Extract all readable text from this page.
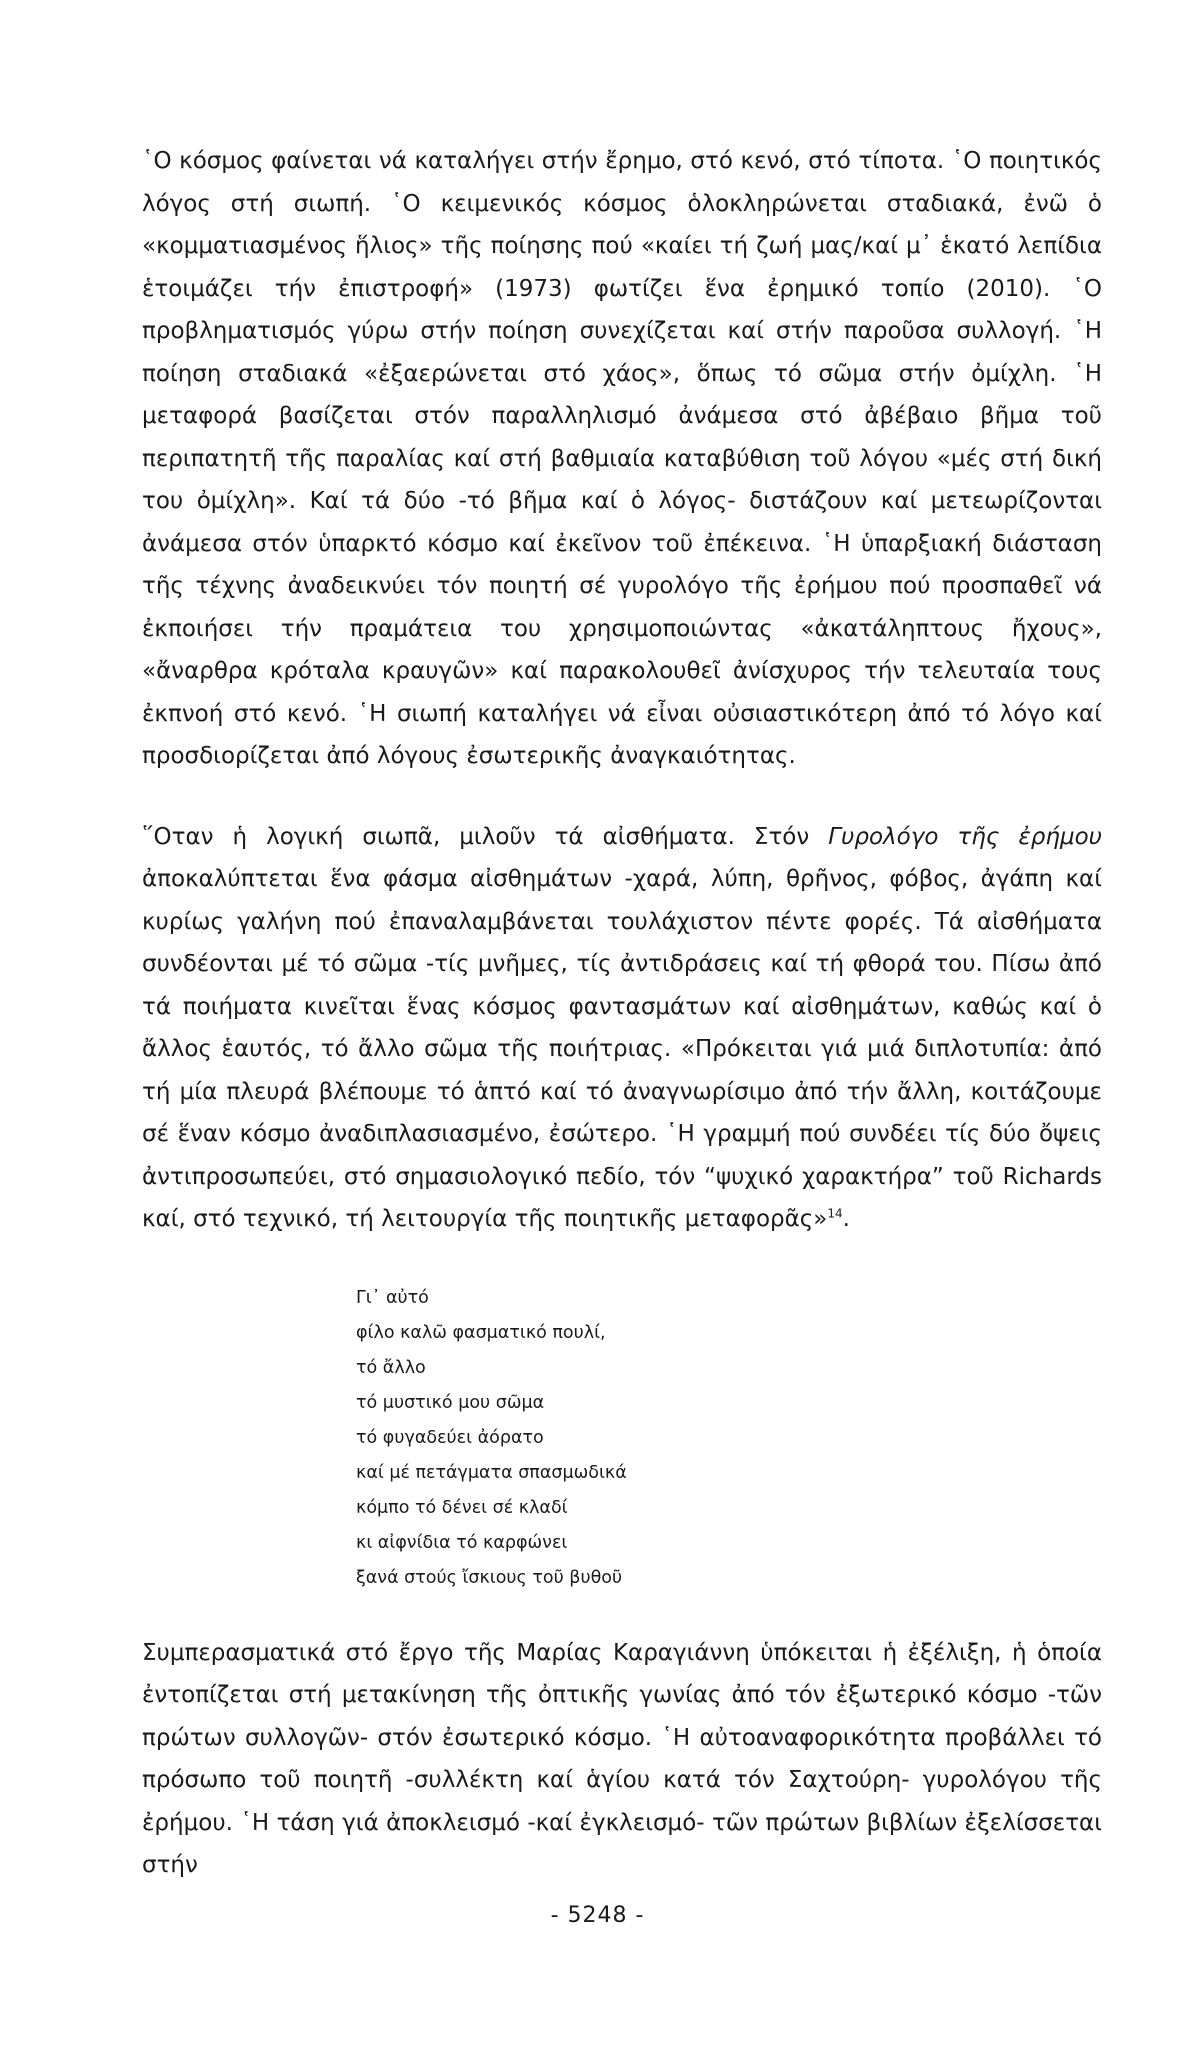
῾Ο κόσμος φαίνεται νά καταλήγει στήν ἔρημο, στό κενό, στό τίποτα. ῾Ο ποιητικός λόγος στή σιωπή. ῾Ο κειμενικός κόσμος ὁλοκληρώνεται σταδιακά, ἐνῶ ὁ «κομματιασμένος ἥλιος» τῆς ποίησης πού «καίει τή ζωή μας/καί μ᾽ ἑκατό λεπίδια ἑτοιμάζει τήν ἐπιστροφή» (1973) φωτίζει ἕνα ἐρημικό τοπίο (2010). ῾Ο προβληματισμός γύρω στήν ποίηση συνεχίζεται καί στήν παροῦσα συλλογή. ῾Η ποίηση σταδιακά «ἐξαερώνεται στό χάος», ὅπως τό σῶμα στήν ὀμίχλη. ῾Η μεταφορά βασίζεται στόν παραλληλισμό ἀνάμεσα στό ἀβέβαιο βῆμα τοῦ περιπατητῆ τῆς παραλίας καί στή βαθμιαία καταβύθιση τοῦ λόγου «μές στή δική του ὀμίχλη». Καί τά δύο -τό βῆμα καί ὁ λόγος- διστάζουν καί μετεωρίζονται ἀνάμεσα στόν ὑπαρκτό κόσμο καί ἐκεῖνον τοῦ ἐπέκεινα. ῾Η ὑπαρξιακή διάσταση τῆς τέχνης ἀναδεικνύει τόν ποιητή σέ γυρολόγο τῆς ἐρήμου πού προσπαθεῖ νά ἐκποιήσει τήν πραμάτεια του χρησιμοποιώντας «ἀκατάληπτους ἤχους», «ἄναρθρα κρόταλα κραυγῶν» καί παρακολουθεῖ ἀνίσχυρος τήν τελευταία τους ἐκπνοή στό κενό. ῾Η σιωπή καταλήγει νά εἶναι οὐσιαστικότερη ἀπό τό λόγο καί προσδιορίζεται ἀπό λόγους ἐσωτερικῆς ἀναγκαιότητας.

῞Οταν ἡ λογική σιωπᾶ, μιλοῦν τά αἰσθήματα. Στόν Γυρολόγο τῆς ἐρήμου ἀποκαλύπτεται ἕνα φάσμα αἰσθημάτων -χαρά, λύπη, θρῆνος, φόβος, ἀγάπη καί κυρίως γαλήνη πού ἐπαναλαμβάνεται τουλάχιστον πέντε φορές. Τά αἰσθήματα συνδέονται μέ τό σῶμα -τίς μνῆμες, τίς ἀντιδράσεις καί τή φθορά του. Πίσω ἀπό τά ποιήματα κινεῖται ἕνας κόσμος φαντασμάτων καί αἰσθημάτων, καθώς καί ὁ ἄλλος ἑαυτός, τό ἄλλο σῶμα τῆς ποιήτριας. «Πρόκειται γιά μιά διπλοτυπία: ἀπό τή μία πλευρά βλέπουμε τό ἁπτό καί τό ἀναγνωρίσιμο ἀπό τήν ἄλλη, κοιτάζουμε σέ ἕναν κόσμο ἀναδιπλασιασμένο, ἐσώτερο. ῾Η γραμμή πού συνδέει τίς δύο ὄψεις ἀντιπροσωπεύει, στό σημασιολογικό πεδίο, τόν “ψυχικό χαρακτήρα” τοῦ Richards καί, στό τεχνικό, τή λειτουργία τῆς ποιητικῆς μεταφορᾶς»$^{14}$.

Γι᾽ αὐτό
φίλο καλῶ φασματικό πουλί,
τό ἄλλο
τό μυστικό μου σῶμα
τό φυγαδεύει ἀόρατο
καί μέ πετάγματα σπασμωδικά
κόμπο τό δένει σέ κλαδί
κι αἰφνίδια τό καρφώνει
ξανά στούς ἴσκιους τοῦ βυθοῦ

Συμπερασματικά στό ἔργο τῆς Μαρίας Καραγιάννη ὑπόκειται ἡ ἐξέλιξη, ἡ ὁποία ἐντοπίζεται στή μετακίνηση τῆς ὀπτικῆς γωνίας ἀπό τόν ἐξωτερικό κόσμο -τῶν πρώτων συλλογῶν- στόν ἐσωτερικό κόσμο. ῾Η αὐτοαναφορικότητα προβάλλει τό πρόσωπο τοῦ ποιητῆ -συλλέκτη καί ἁγίου κατά τόν Σαχτούρη- γυρολόγου τῆς ἐρήμου. ῾Η τάση γιά ἀποκλεισμό -καί ἐγκλεισμό- τῶν πρώτων βιβλίων ἐξελίσσεται στήν

- 5248 -
